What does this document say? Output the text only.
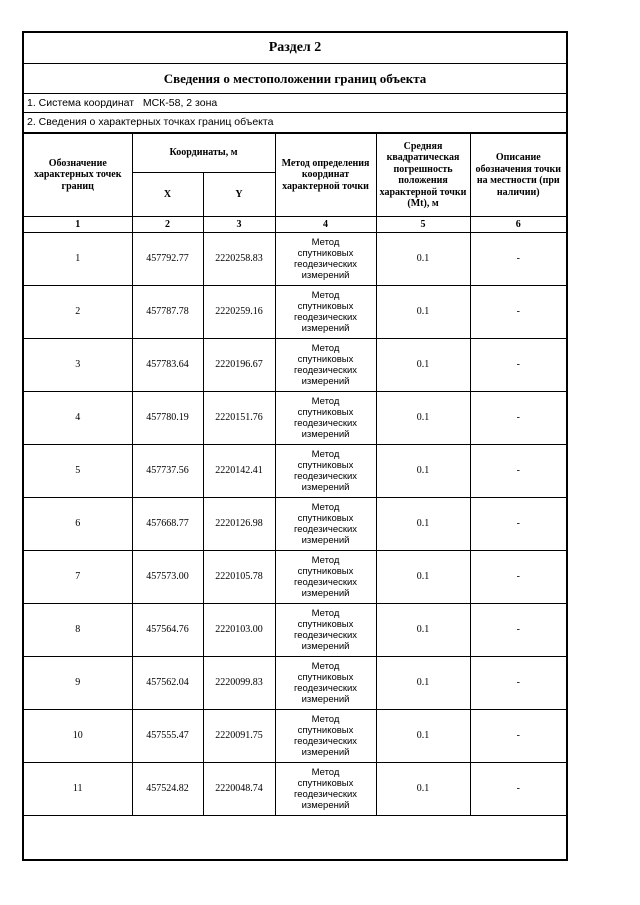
Раздел 2
Сведения о местоположении границ объекта
1. Система координат МСК-58, 2 зона
2. Сведения о характерных точках границ объекта
Обозначение характерных точек границ	Координаты, м		Метод определения координат характерной точки	Средняя квадратическая погрешность положения характерной точки (Mt), м	Описание обозначения точки на местности (при наличии)
	X	Y			
1	2	3	4	5	6
1	457792.77	2220258.83	Метод
спутниковых
геодезических
измерений	0.1	-
2	457787.78	2220259.16	Метод
спутниковых
геодезических
измерений	0.1	-
3	457783.64	2220196.67	Метод
спутниковых
геодезических
измерений	0.1	-
4	457780.19	2220151.76	Метод
спутниковых
геодезических
измерений	0.1	-
5	457737.56	2220142.41	Метод
спутниковых
геодезических
измерений	0.1	-
6	457668.77	2220126.98	Метод
спутниковых
геодезических
измерений	0.1	-
7	457573.00	2220105.78	Метод
спутниковых
геодезических
измерений	0.1	-
8	457564.76	2220103.00	Метод
спутниковых
геодезических
измерений	0.1	-
9	457562.04	2220099.83	Метод
спутниковых
геодезических
измерений	0.1	-
10	457555.47	2220091.75	Метод
спутниковых
геодезических
измерений	0.1	-
11	457524.82	2220048.74	Метод
спутниковых
геодезических
измерений	0.1	-
